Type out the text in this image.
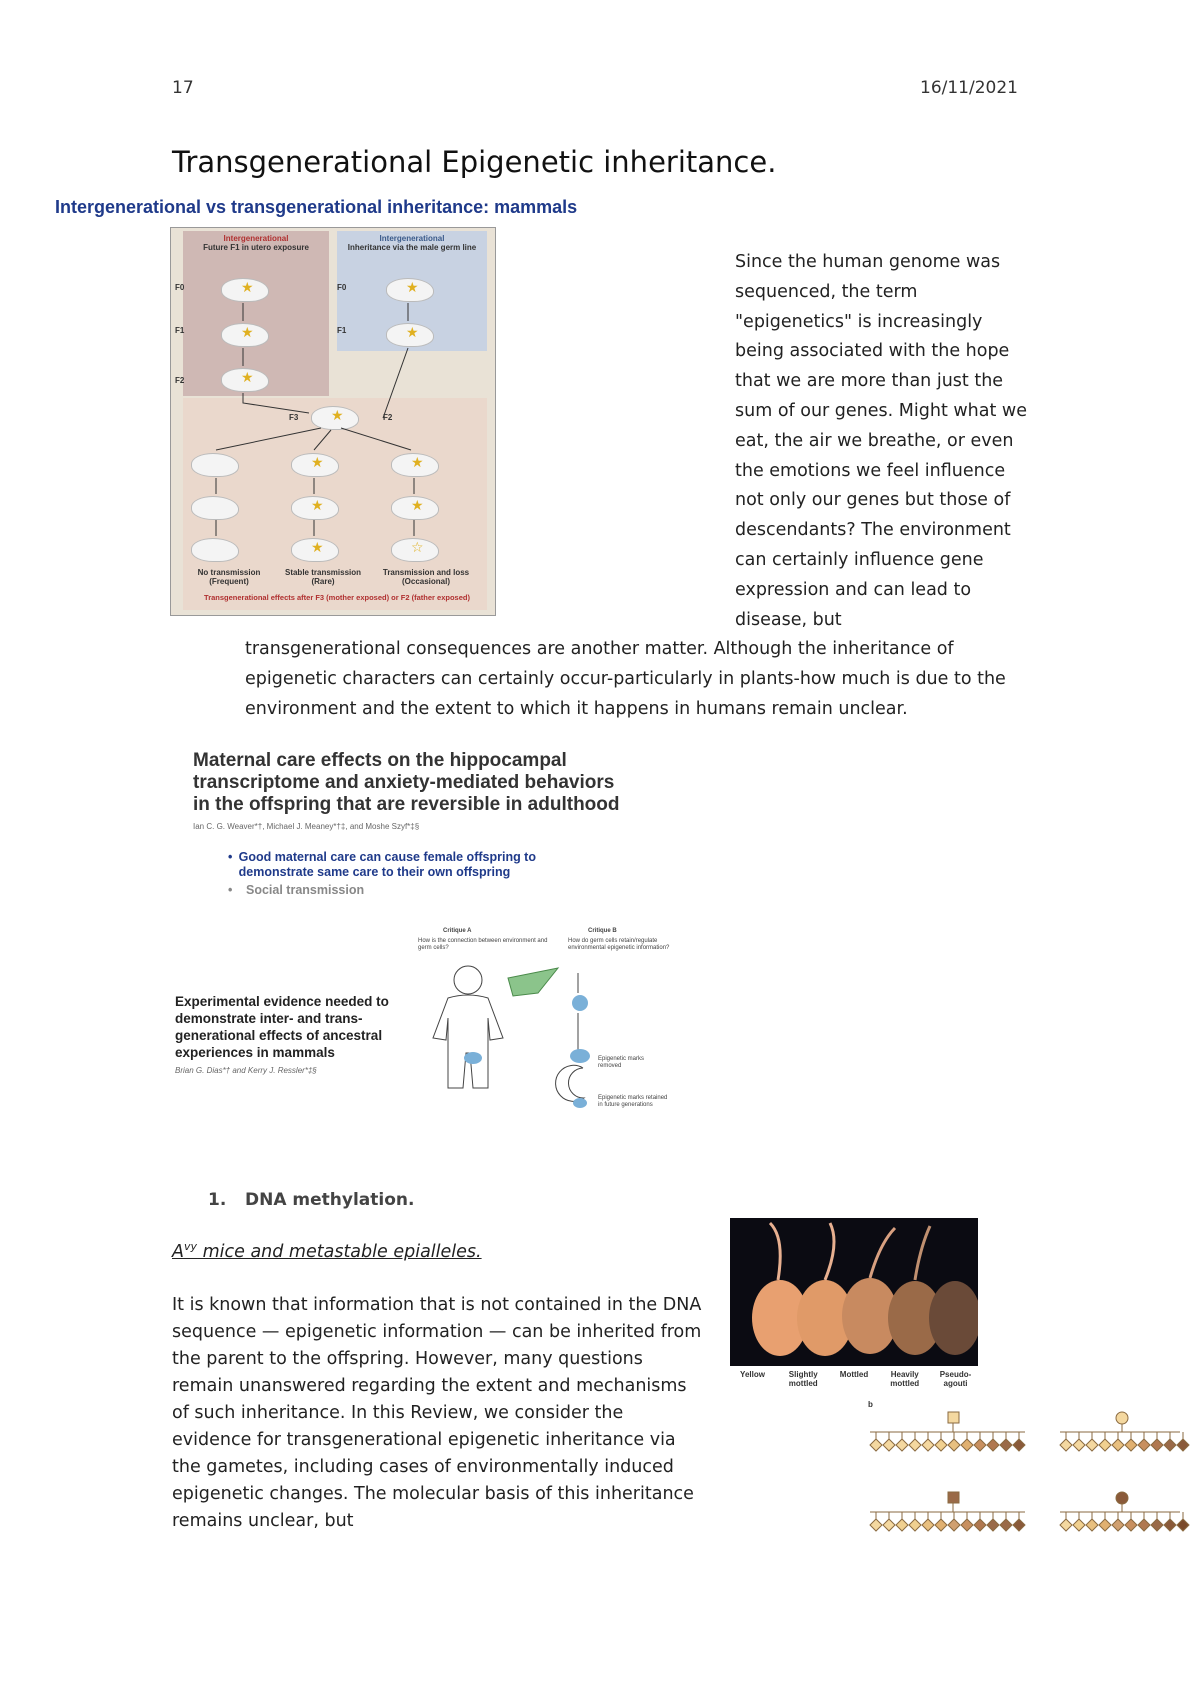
17	16/11/2021
Transgenerational Epigenetic inheritance.
Intergenerational vs transgenerational inheritance: mammals
Intergenerational
Future F1 in utero exposure
Intergenerational
Inheritance via the male germ line
F0
F1
F2
F0
F1
F3	F2
★
★
★
★
★
★
★
★
★
★
★
☆
No transmission (Frequent)
Stable transmission (Rare)
Transmission and loss (Occasional)
Transgenerational effects after F3 (mother exposed) or F2 (father exposed)
Since the human genome was sequenced, the term "epigenetics" is increasingly being associated with the hope that we are more than just the sum of our genes. Might what we eat, the air we breathe, or even the emotions we feel influence not only our genes but those of descendants? The environment can certainly influence gene expression and can lead to disease, but
transgenerational consequences are another matter. Although the inheritance of epigenetic characters can certainly occur-particularly in plants-how much is due to the environment and the extent to which it happens in humans remain unclear.
Maternal care effects on the hippocampal
transcriptome and anxiety-mediated behaviors
in the offspring that are reversible in adulthood
Ian C. G. Weaver*†, Michael J. Meaney*†‡, and Moshe Szyf*‡§
• Good maternal care can cause female offspring to demonstrate same care to their own offspring
•	Social transmission
Experimental evidence needed to demonstrate inter- and trans-generational effects of ancestral experiences in mammals
Brian G. Dias*† and Kerry J. Ressler*‡§
Critique A
How is the connection between environment and germ cells?
Critique B
How do germ cells retain/regulate environmental epigenetic information?
Epigenetic marks removed
Epigenetic marks retained in future generations
1. DNA methylation.
$A^{vy}$ mice and metastable epialleles.
It is known that information that is not contained in the DNA sequence — epigenetic information — can be inherited from the parent to the offspring. However, many questions remain unanswered regarding the extent and mechanisms of such inheritance. In this Review, we consider the evidence for transgenerational epigenetic inheritance via the gametes, including cases of environmentally induced epigenetic changes. The molecular basis of this inheritance remains unclear, but
Yellow	Slightly mottled
Mottled	Heavily mottled
Pseudo-agouti
b
